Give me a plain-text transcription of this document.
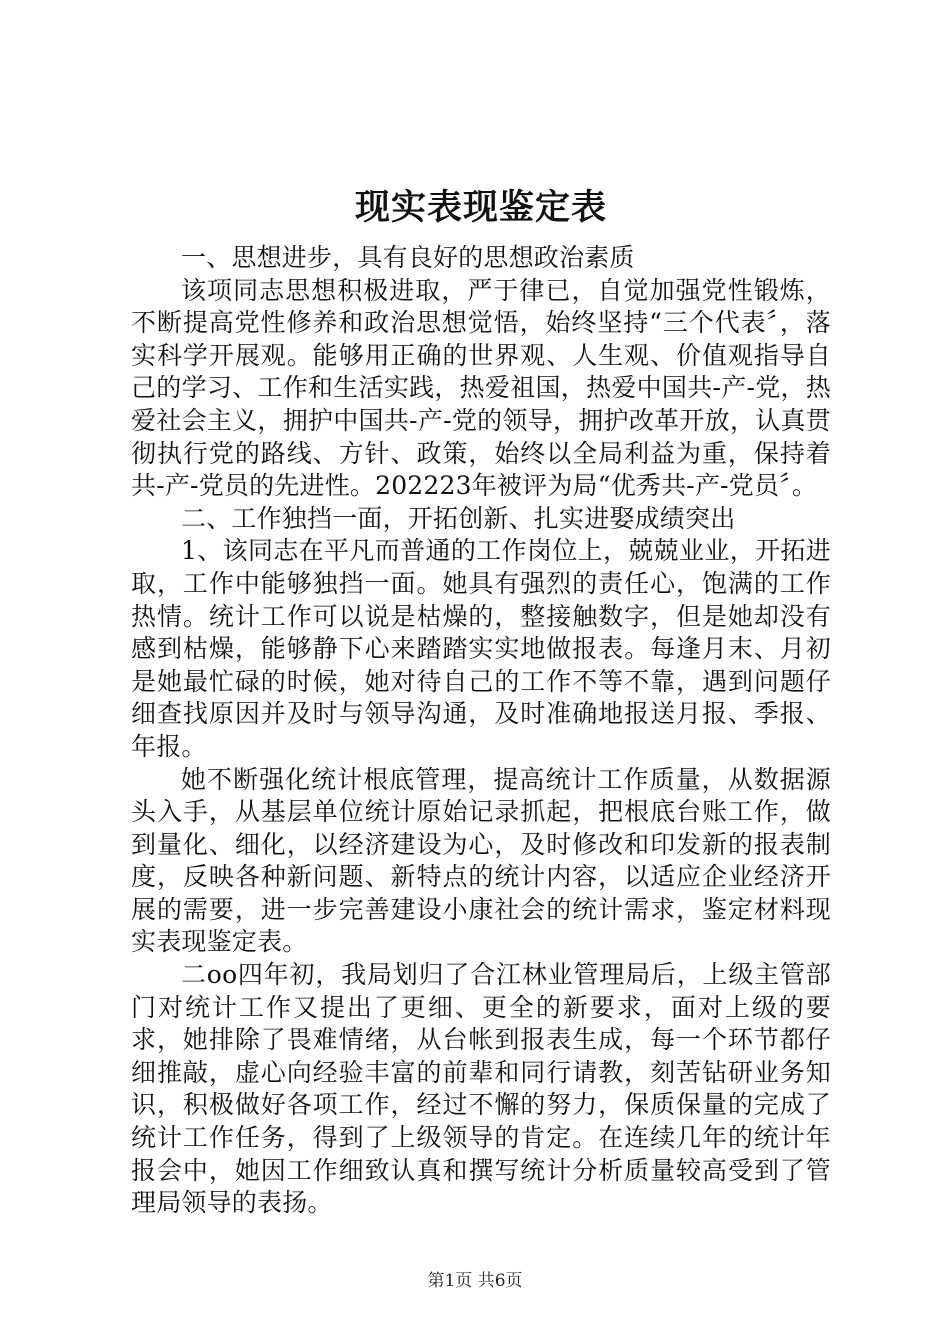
现实表现鉴定表

一、思想进步，具有良好的思想政治素质

该项同志思想积极进取，严于律已，自觉加强党性锻炼，不断提高党性修养和政治思想觉悟，始终坚持“三个代表〞，落实科学开展观。能够用正确的世界观、人生观、价值观指导自己的学习、工作和生活实践，热爱祖国，热爱中国共-产-党，热爱社会主义，拥护中国共-产-党的领导，拥护改革开放，认真贯彻执行党的路线、方针、政策，始终以全局利益为重，保持着共-产-党员的先进性。202223年被评为局“优秀共-产-党员〞。

二、工作独挡一面，开拓创新、扎实进娶成绩突出

1、该同志在平凡而普通的工作岗位上，兢兢业业，开拓进取，工作中能够独挡一面。她具有强烈的责任心，饱满的工作热情。统计工作可以说是枯燥的，整接触数字，但是她却没有感到枯燥，能够静下心来踏踏实实地做报表。每逢月末、月初是她最忙碌的时候，她对待自己的工作不等不靠，遇到问题仔细查找原因并及时与领导沟通，及时准确地报送月报、季报、年报。

她不断强化统计根底管理，提高统计工作质量，从数据源头入手，从基层单位统计原始记录抓起，把根底台账工作，做到量化、细化，以经济建设为心，及时修改和印发新的报表制度，反映各种新问题、新特点的统计内容，以适应企业经济开展的需要，进一步完善建设小康社会的统计需求，鉴定材料现实表现鉴定表。

二oo四年初，我局划归了合江林业管理局后，上级主管部门对统计工作又提出了更细、更全的新要求，面对上级的要求，她排除了畏难情绪，从台帐到报表生成，每一个环节都仔细推敲，虚心向经验丰富的前辈和同行请教，刻苦钻研业务知识，积极做好各项工作，经过不懈的努力，保质保量的完成了统计工作任务，得到了上级领导的肯定。在连续几年的统计年报会中，她因工作细致认真和撰写统计分析质量较高受到了管理局领导的表扬。

第1页 共6页
